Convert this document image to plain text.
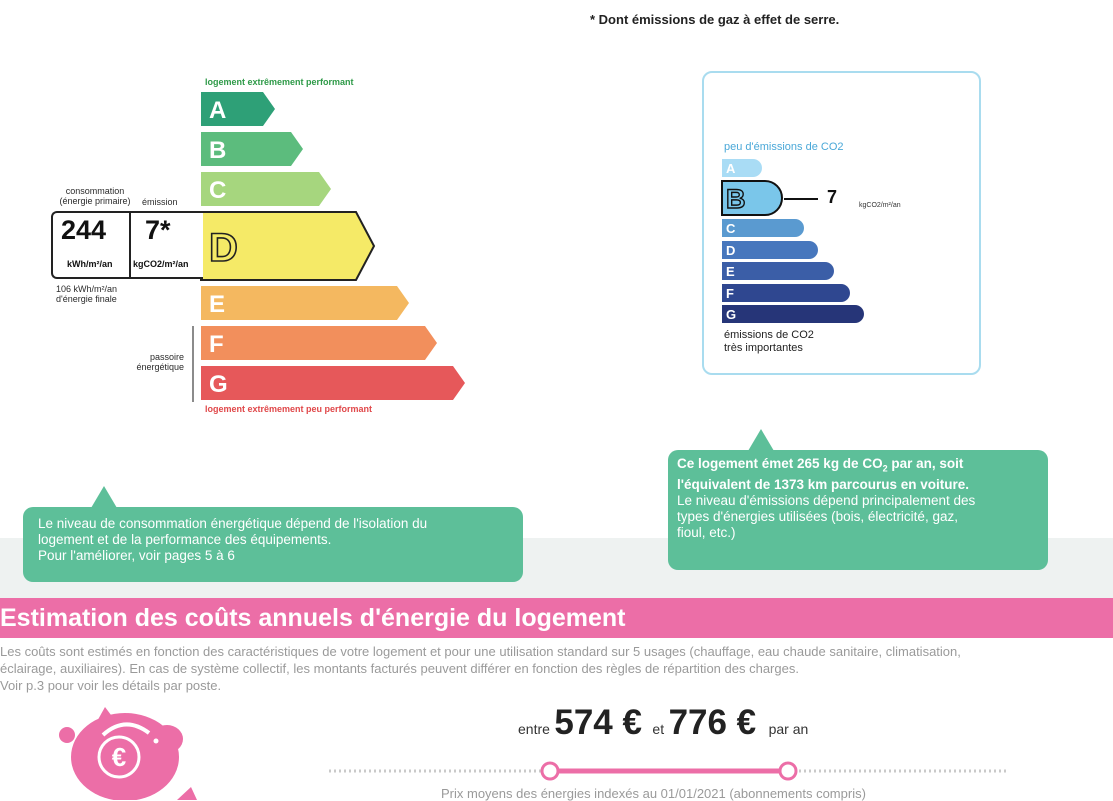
* Dont émissions de gaz à effet de serre.
logement extrêmement performant
A
B
C
D
E
F
G
consommation
(énergie primaire)	émission
244 7*
kWh/m²/an kgCO2/m²/an
106 kWh/m²/an
d'énergie finale
passoire
énergétique
logement extrêmement peu performant
peu d'émissions de CO2
A
B
C
D
E
F
G
7	kgCO2/m²/an
émissions de CO2
très importantes
Le niveau de consommation énergétique dépend de l'isolation du
logement et de la performance des équipements.
Pour l'améliorer, voir pages 5 à 6
Ce logement émet 265 kg de $CO_2$ par an, soit
l'équivalent de 1373 km parcourus en voiture.
Le niveau d'émissions dépend principalement des
types d'énergies utilisées (bois, électricité, gaz,
fioul, etc.)
Estimation des coûts annuels d'énergie du logement
Les coûts sont estimés en fonction des caractéristiques de votre logement et pour une utilisation standard sur 5 usages (chauffage, eau chaude sanitaire, climatisation,
éclairage, auxiliaires). En cas de système collectif, les montants facturés peuvent différer en fonction des règles de répartition des charges.
Voir p.3 pour voir les détails par poste.
€
entre 574 € et 776 € par an
Prix moyens des énergies indexés au 01/01/2021 (abonnements compris)
